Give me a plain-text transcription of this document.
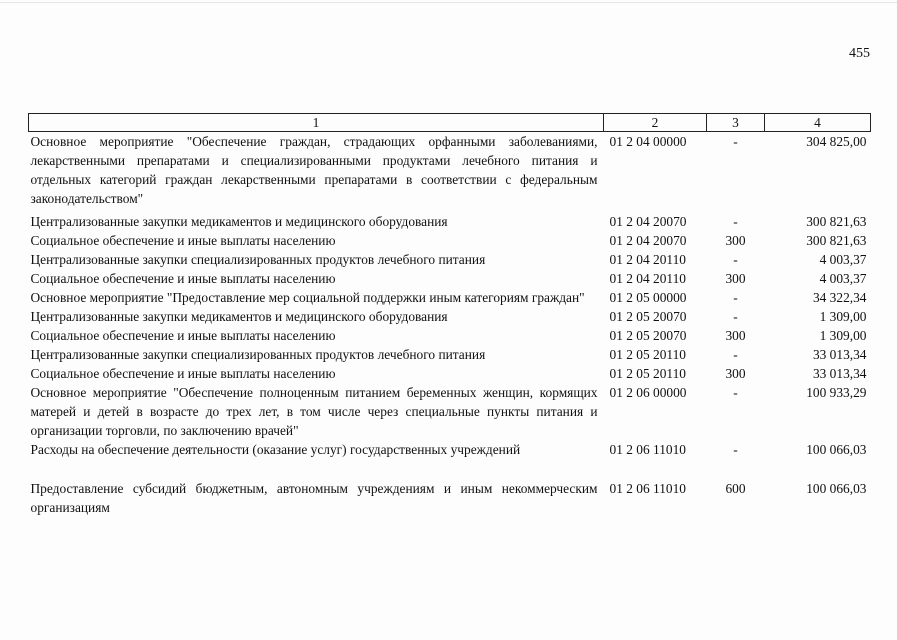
455
1	2	3	4
Основное мероприятие "Обеспечение граждан, страдающих орфанными заболеваниями, лекарственными препаратами и специализированными продуктами лечебного питания и отдельных категорий граждан лекарственными препаратами в соответствии с федеральным законодательством"	01 2 04 00000	-	304 825,00
Централизованные закупки медикаментов и медицинского оборудования	01 2 04 20070	-	300 821,63
Социальное обеспечение и иные выплаты населению	01 2 04 20070	300	300 821,63
Централизованные закупки специализированных продуктов лечебного питания	01 2 04 20110	-	4 003,37
Социальное обеспечение и иные выплаты населению	01 2 04 20110	300	4 003,37
Основное мероприятие "Предоставление мер социальной поддержки иным категориям граждан"	01 2 05 00000	-	34 322,34
Централизованные закупки медикаментов и медицинского оборудования	01 2 05 20070	-	1 309,00
Социальное обеспечение и иные выплаты населению	01 2 05 20070	300	1 309,00
Централизованные закупки специализированных продуктов лечебного питания	01 2 05 20110	-	33 013,34
Социальное обеспечение и иные выплаты населению	01 2 05 20110	300	33 013,34
Основное мероприятие "Обеспечение полноценным питанием беременных женщин, кормящих матерей и детей в возрасте до трех лет, в том числе через специальные пункты питания и организации торговли, по заключению врачей"	01 2 06 00000	-	100 933,29
Расходы на обеспечение деятельности (оказание услуг) государственных учреждений	01 2 06 11010	-	100 066,03
Предоставление субсидий бюджетным, автономным учреждениям и иным некоммерческим организациям	01 2 06 11010	600	100 066,03
